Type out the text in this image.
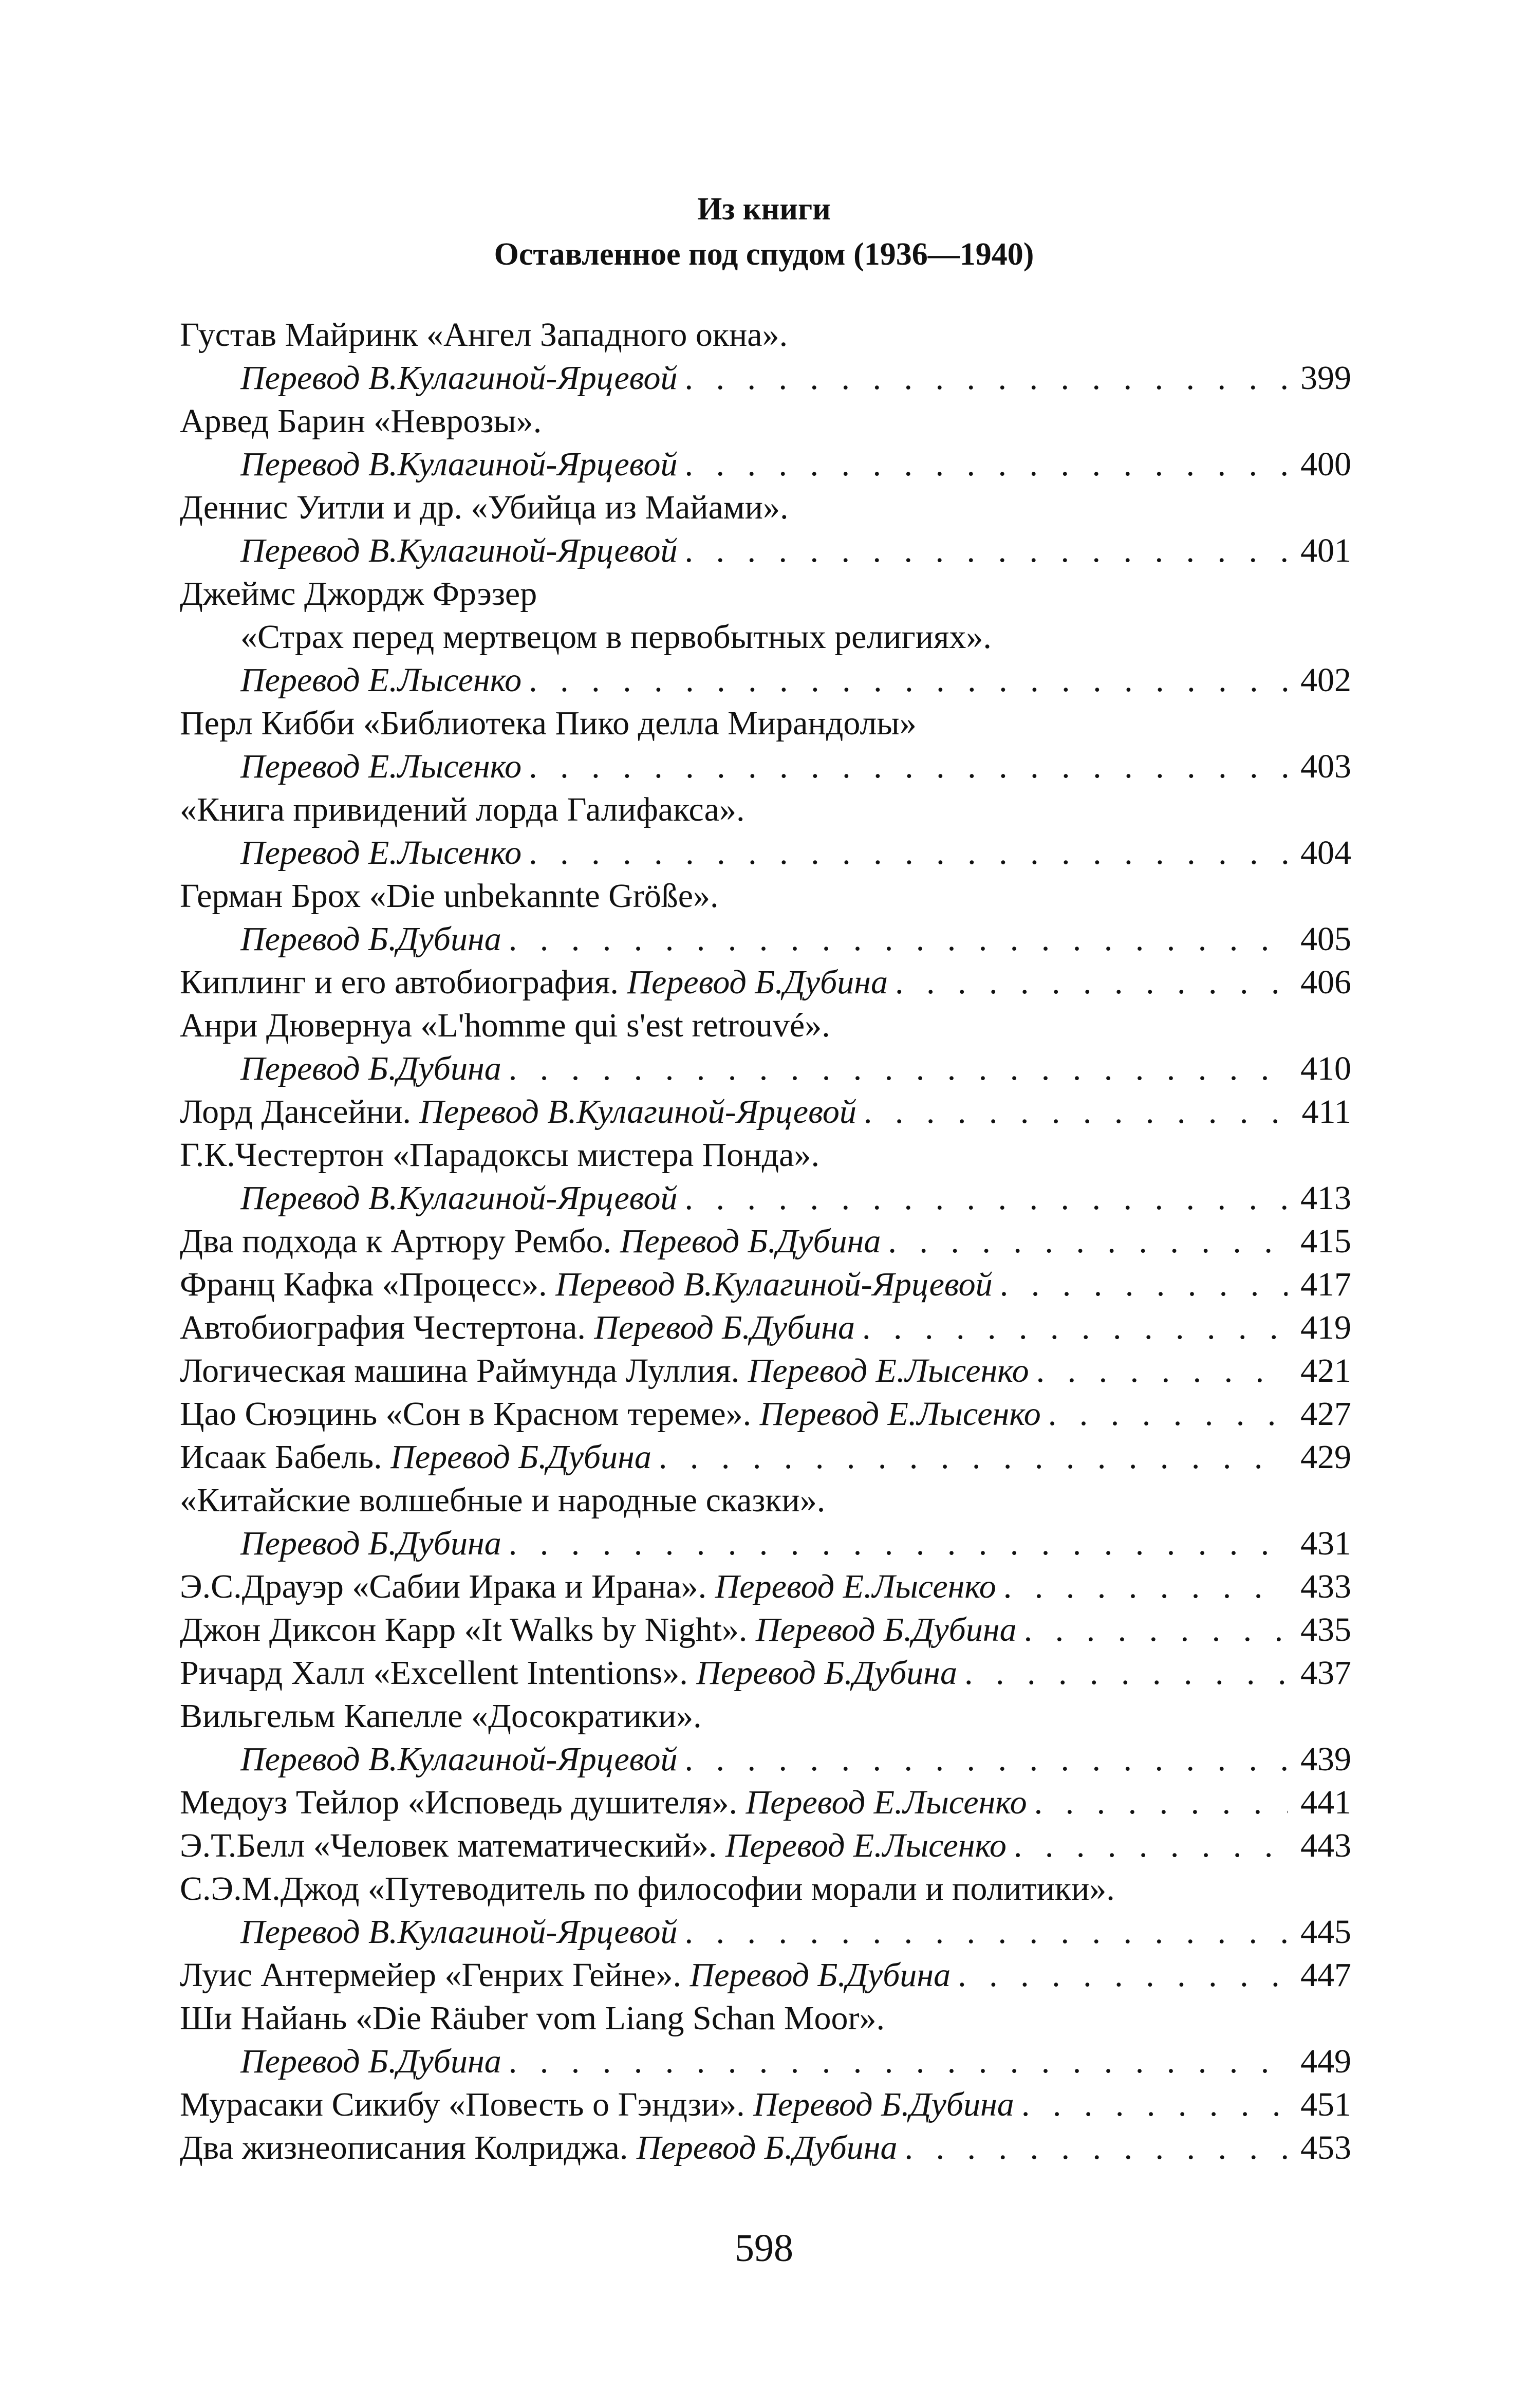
Из книги
Оставленное под спудом (1936—1940)
Густав Майринк «Ангел Западного окна».
Перевод В.Кулагиной-Ярцевой . . .	399
Арвед Барин «Неврозы».
Перевод В.Кулагиной-Ярцевой . . .	400
Деннис Уитли и др. «Убийца из Майами».
Перевод В.Кулагиной-Ярцевой . . .	401
Джеймс Джордж Фрэзер
«Страх перед мертвецом в первобытных религиях».
Перевод Е.Лысенко . . .	402
Перл Кибби «Библиотека Пико делла Мирандолы»
Перевод Е.Лысенко . . .	403
«Книга привидений лорда Галифакса».
Перевод Е.Лысенко . . .	404
Герман Брох «Die unbekannte Größe».
Перевод Б.Дубина . . .	405
Киплинг и его автобиография. Перевод Б.Дубина . . .	406
Анри Дювернуа «L'homme qui s'est retrouvé».
Перевод Б.Дубина . . .	410
Лорд Дансейни. Перевод В.Кулагиной-Ярцевой . . .	411
Г.К.Честертон «Парадоксы мистера Понда».
Перевод В.Кулагиной-Ярцевой . . .	413
Два подхода к Артюру Рембо. Перевод Б.Дубина . . .	415
Франц Кафка «Процесс». Перевод В.Кулагиной-Ярцевой . . .	417
Автобиография Честертона. Перевод Б.Дубина . . .	419
Логическая машина Раймунда Луллия. Перевод Е.Лысенко . . .	421
Цао Сюэцинь «Сон в Красном тереме». Перевод Е.Лысенко . . .	427
Исаак Бабель. Перевод Б.Дубина . . .	429
«Китайские волшебные и народные сказки».
Перевод Б.Дубина . . .	431
Э.С.Драуэр «Сабии Ирака и Ирана». Перевод Е.Лысенко . . .	433
Джон Диксон Карр «It Walks by Night». Перевод Б.Дубина . . .	435
Ричард Халл «Excellent Intentions». Перевод Б.Дубина . . .	437
Вильгельм Капелле «Досократики».
Перевод В.Кулагиной-Ярцевой . . .	439
Медоуз Тейлор «Исповедь душителя». Перевод Е.Лысенко . . .	441
Э.Т.Белл «Человек математический». Перевод Е.Лысенко . . .	443
С.Э.М.Джод «Путеводитель по философии морали и политики».
Перевод В.Кулагиной-Ярцевой . . .	445
Луис Антермейер «Генрих Гейне». Перевод Б.Дубина . . .	447
Ши Найань «Die Räuber vom Liang Schan Moor».
Перевод Б.Дубина . . .	449
Мурасаки Сикибу «Повесть о Гэндзи». Перевод Б.Дубина . . .	451
Два жизнеописания Колриджа. Перевод Б.Дубина . . .	453
598
